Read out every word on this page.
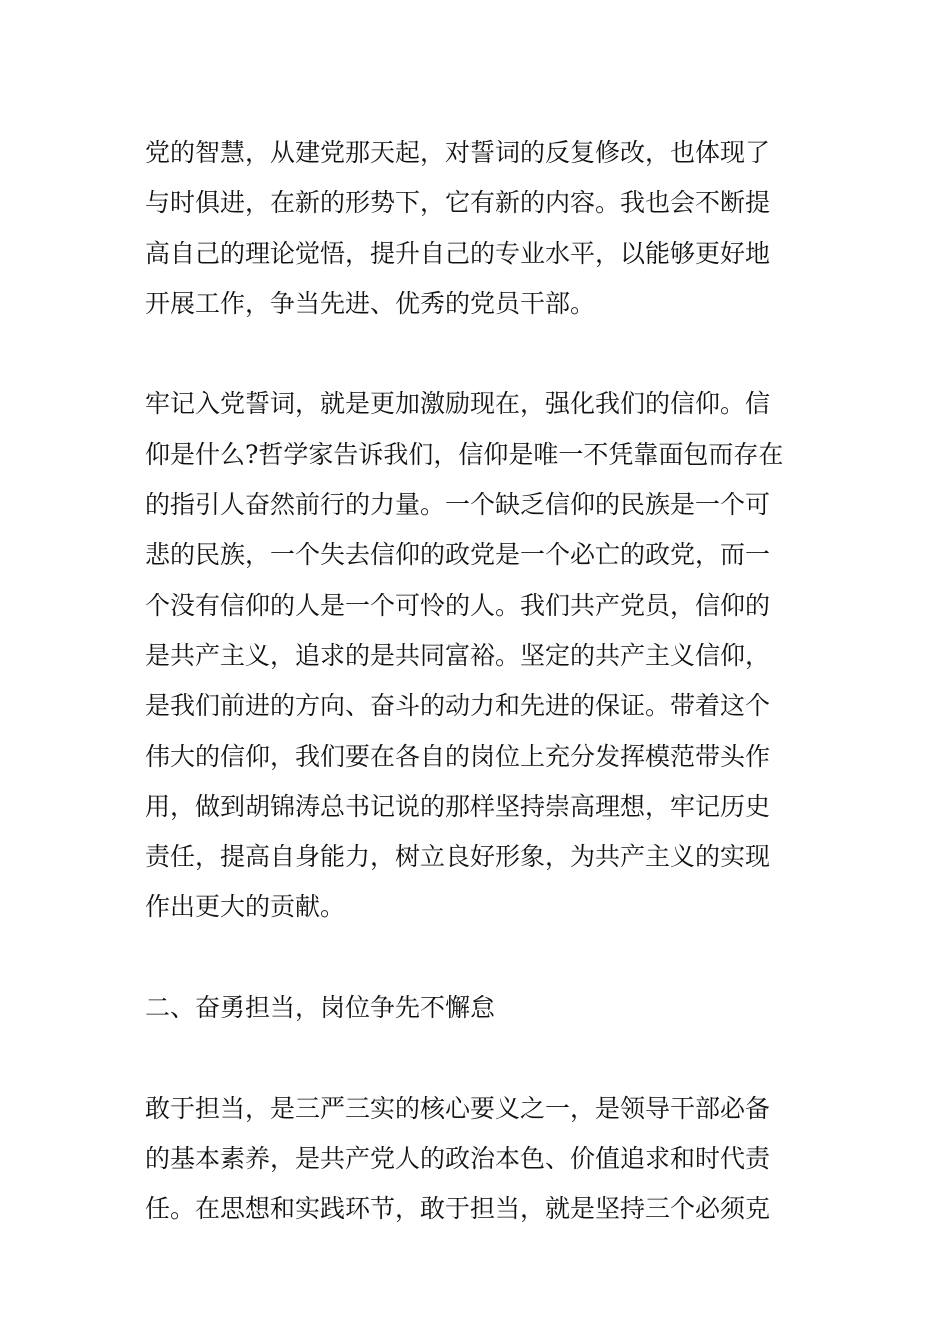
党的智慧，从建党那天起，对誓词的反复修改，也体现了
与时俱进，在新的形势下，它有新的内容。我也会不断提
高自己的理论觉悟，提升自己的专业水平，以能够更好地
开展工作，争当先进、优秀的党员干部。
牢记入党誓词，就是更加激励现在，强化我们的信仰。信
仰是什么?哲学家告诉我们，信仰是唯一不凭靠面包而存在
的指引人奋然前行的力量。一个缺乏信仰的民族是一个可
悲的民族，一个失去信仰的政党是一个必亡的政党，而一
个没有信仰的人是一个可怜的人。我们共产党员，信仰的
是共产主义，追求的是共同富裕。坚定的共产主义信仰，
是我们前进的方向、奋斗的动力和先进的保证。带着这个
伟大的信仰，我们要在各自的岗位上充分发挥模范带头作
用，做到胡锦涛总书记说的那样坚持崇高理想，牢记历史
责任，提高自身能力，树立良好形象，为共产主义的实现
作出更大的贡献。
二、奋勇担当，岗位争先不懈怠
敢于担当，是三严三实的核心要义之一，是领导干部必备
的基本素养，是共产党人的政治本色、价值追求和时代责
任。在思想和实践环节，敢于担当，就是坚持三个必须克
